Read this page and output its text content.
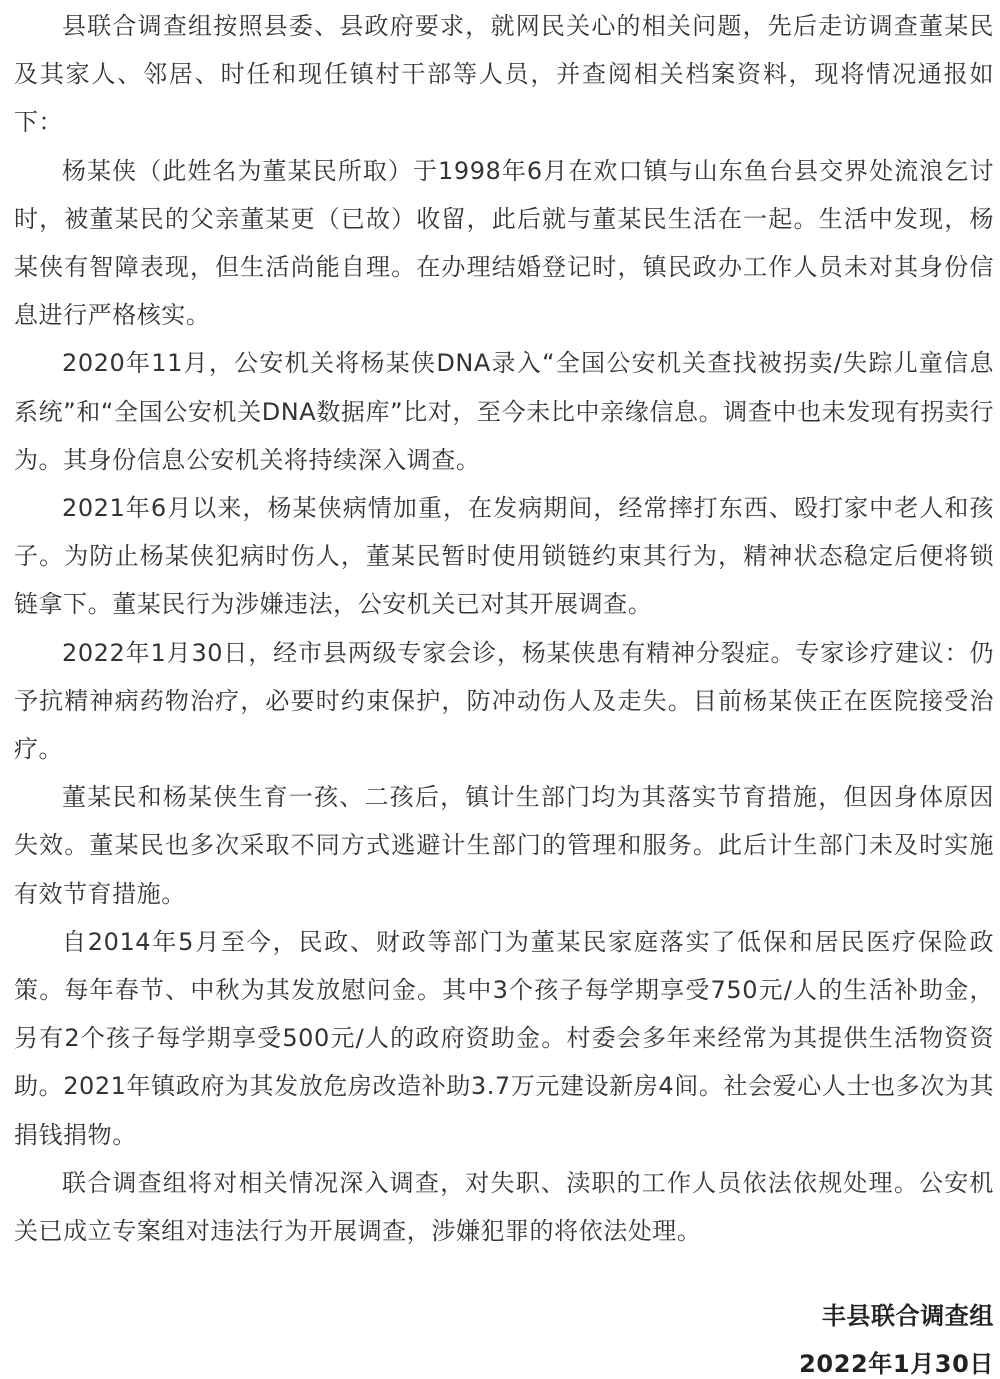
县联合调查组按照县委、县政府要求，就网民关心的相关问题，先后走访调查董某民及其家人、邻居、时任和现任镇村干部等人员，并查阅相关档案资料，现将情况通报如下：

杨某侠（此姓名为董某民所取）于1998年6月在欢口镇与山东鱼台县交界处流浪乞讨时，被董某民的父亲董某更（已故）收留，此后就与董某民生活在一起。生活中发现，杨某侠有智障表现，但生活尚能自理。在办理结婚登记时，镇民政办工作人员未对其身份信息进行严格核实。

2020年11月，公安机关将杨某侠DNA录入“全国公安机关查找被拐卖/失踪儿童信息系统”和“全国公安机关DNA数据库”比对，至今未比中亲缘信息。调查中也未发现有拐卖行为。其身份信息公安机关将持续深入调查。

2021年6月以来，杨某侠病情加重，在发病期间，经常摔打东西、殴打家中老人和孩子。为防止杨某侠犯病时伤人，董某民暂时使用锁链约束其行为，精神状态稳定后便将锁链拿下。董某民行为涉嫌违法，公安机关已对其开展调查。

2022年1月30日，经市县两级专家会诊，杨某侠患有精神分裂症。专家诊疗建议：仍予抗精神病药物治疗，必要时约束保护，防冲动伤人及走失。目前杨某侠正在医院接受治疗。

董某民和杨某侠生育一孩、二孩后，镇计生部门均为其落实节育措施，但因身体原因失效。董某民也多次采取不同方式逃避计生部门的管理和服务。此后计生部门未及时实施有效节育措施。

自2014年5月至今，民政、财政等部门为董某民家庭落实了低保和居民医疗保险政策。每年春节、中秋为其发放慰问金。其中3个孩子每学期享受750元/人的生活补助金，另有2个孩子每学期享受500元/人的政府资助金。村委会多年来经常为其提供生活物资资助。2021年镇政府为其发放危房改造补助3.7万元建设新房4间。社会爱心人士也多次为其捐钱捐物。

联合调查组将对相关情况深入调查，对失职、渎职的工作人员依法依规处理。公安机关已成立专案组对违法行为开展调查，涉嫌犯罪的将依法处理。

丰县联合调查组
2022年1月30日
